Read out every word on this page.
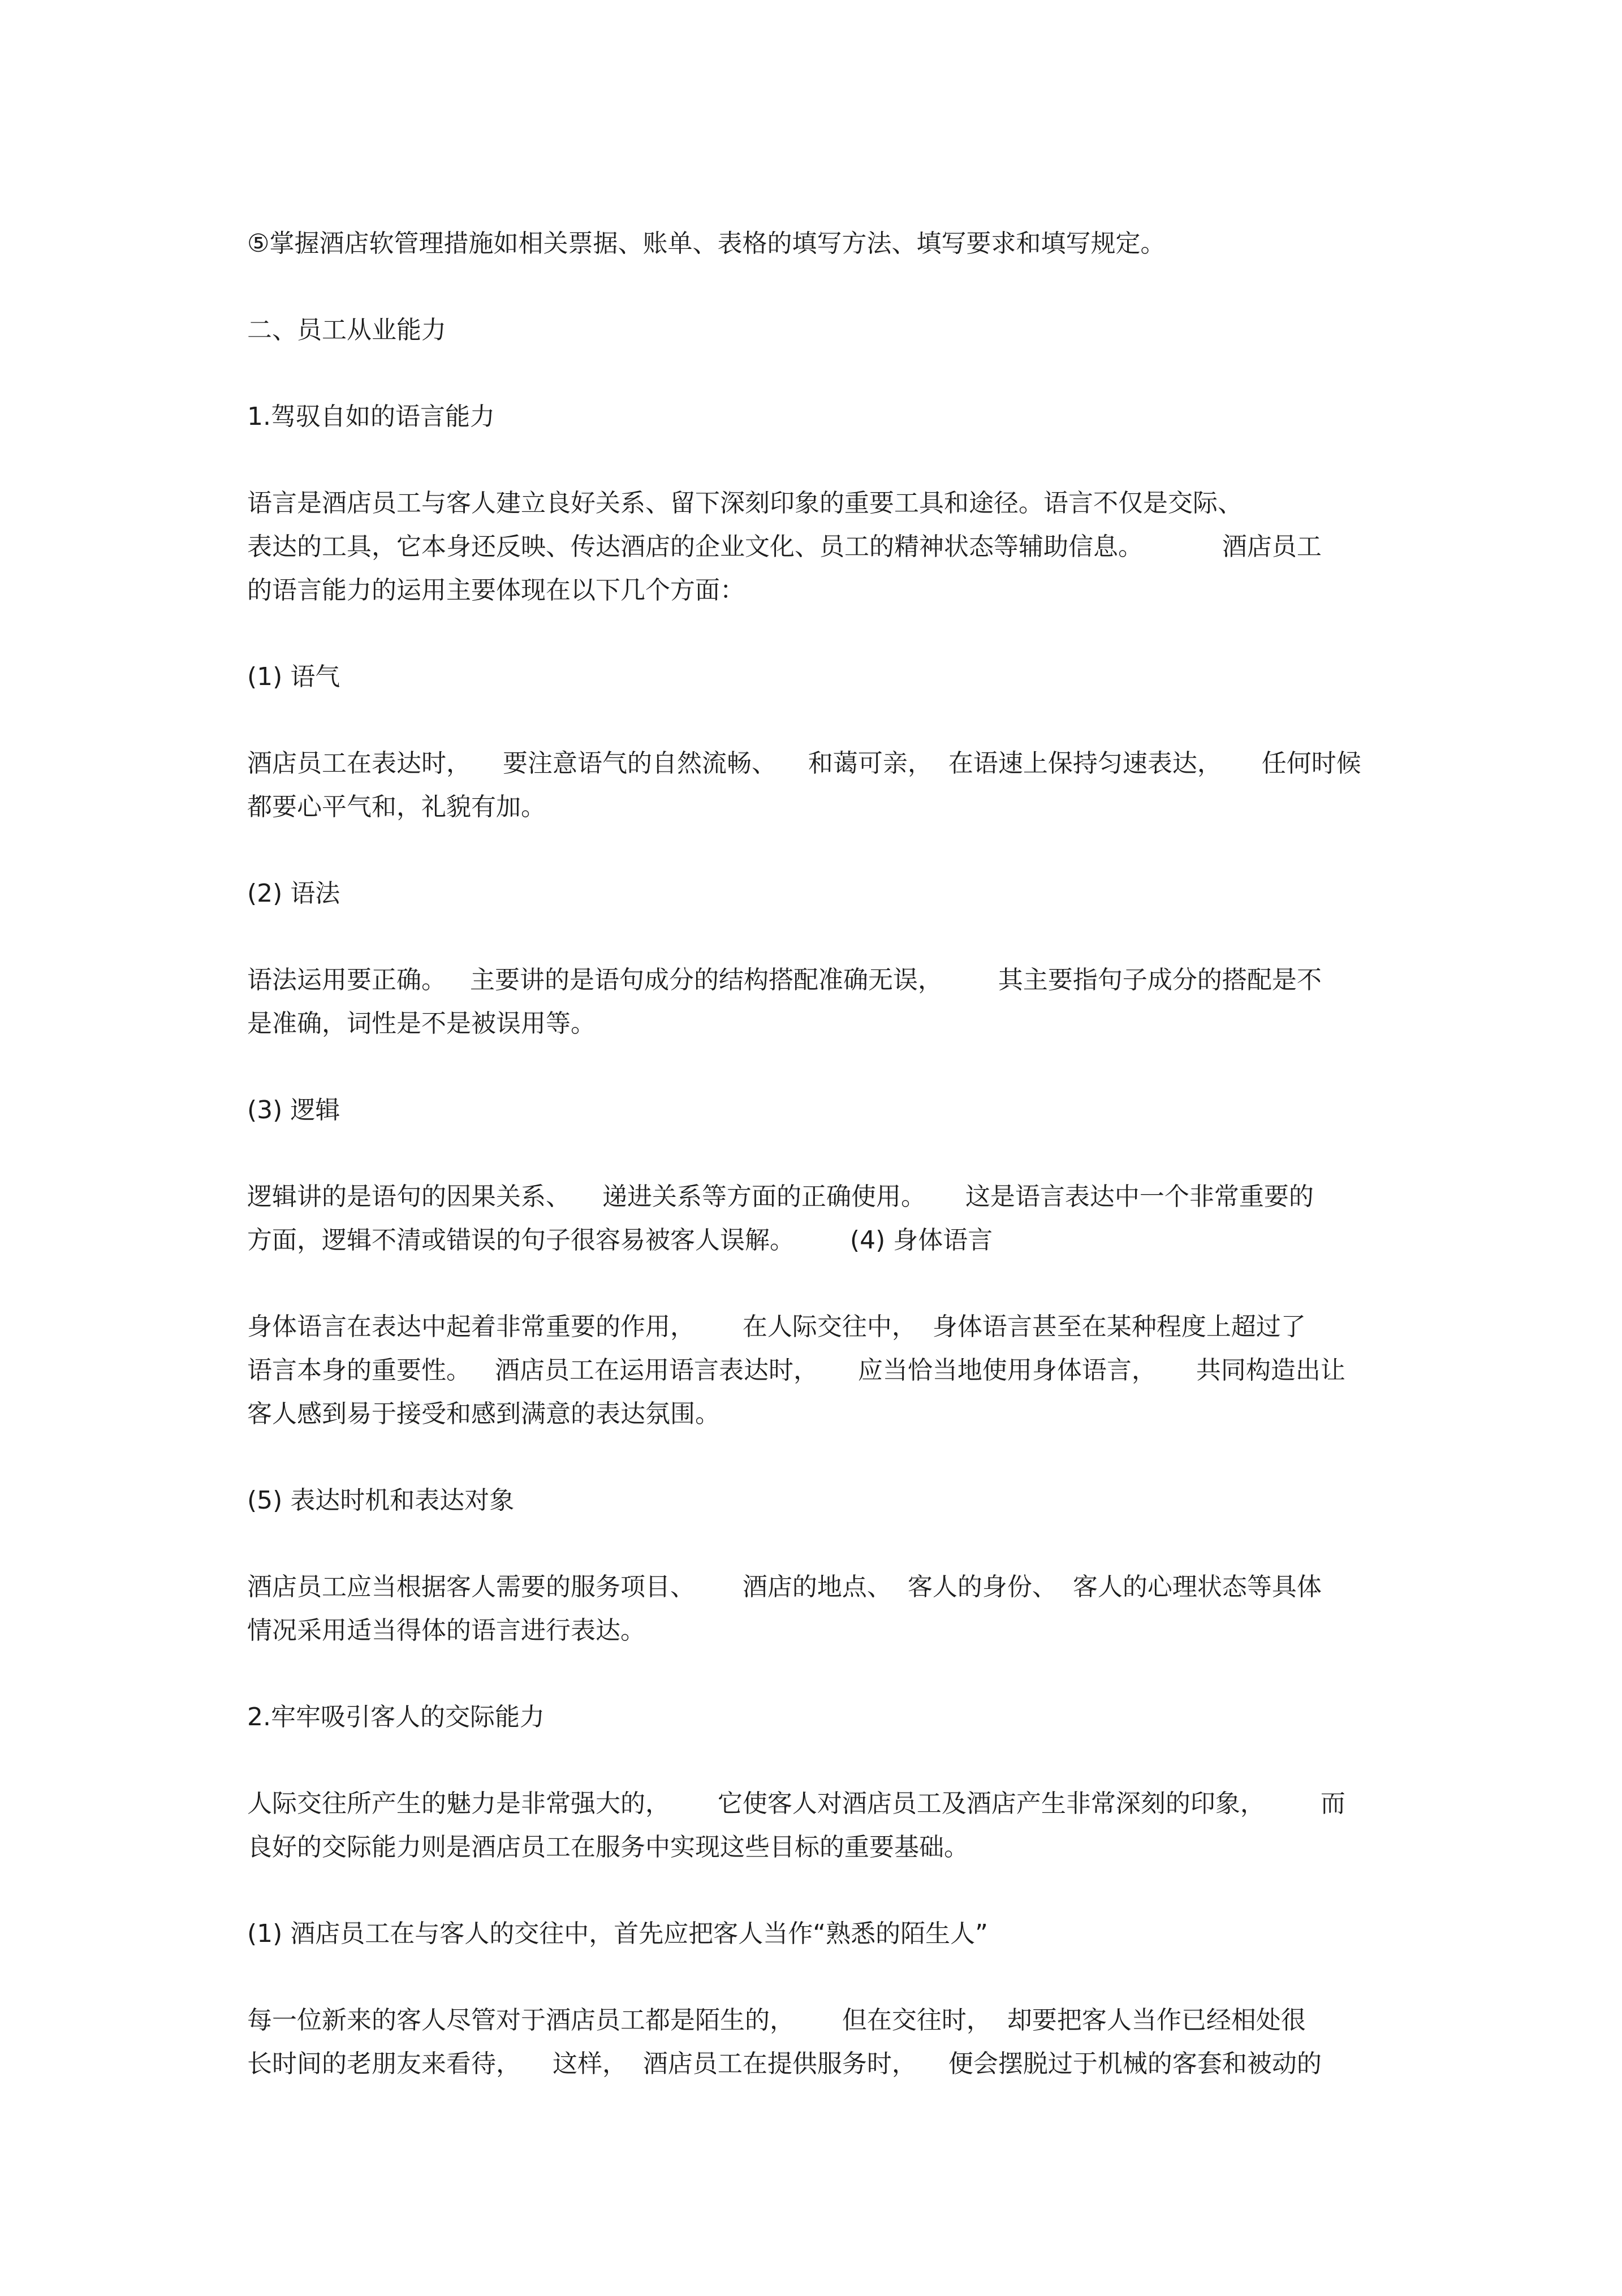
⑤掌握酒店软管理措施如相关票据、账单、表格的填写方法、填写要求和填写规定。
二、员工从业能力
1.驾驭自如的语言能力
语言是酒店员工与客人建立良好关系、留下深刻印象的重要工具和途径。语言不仅是交际、
表达的工具，它本身还反映、传达酒店的企业文化、员工的精神状态等辅助信息。          酒店员工
的语言能力的运用主要体现在以下几个方面：
(1) 语气
酒店员工在表达时，    要注意语气的自然流畅、    和蔼可亲，  在语速上保持匀速表达，     任何时候
都要心平气和，礼貌有加。
(2) 语法
语法运用要正确。   主要讲的是语句成分的结构搭配准确无误，       其主要指句子成分的搭配是不
是准确，词性是不是被误用等。
(3) 逻辑
逻辑讲的是语句的因果关系、    递进关系等方面的正确使用。     这是语言表达中一个非常重要的
方面，逻辑不清或错误的句子很容易被客人误解。       (4) 身体语言
身体语言在表达中起着非常重要的作用，      在人际交往中，  身体语言甚至在某种程度上超过了
语言本身的重要性。   酒店员工在运用语言表达时，     应当恰当地使用身体语言，     共同构造出让
客人感到易于接受和感到满意的表达氛围。
(5) 表达时机和表达对象
酒店员工应当根据客人需要的服务项目、      酒店的地点、  客人的身份、  客人的心理状态等具体
情况采用适当得体的语言进行表达。
2.牢牢吸引客人的交际能力
人际交往所产生的魅力是非常强大的，      它使客人对酒店员工及酒店产生非常深刻的印象，       而
良好的交际能力则是酒店员工在服务中实现这些目标的重要基础。
(1) 酒店员工在与客人的交往中，首先应把客人当作“熟悉的陌生人”
每一位新来的客人尽管对于酒店员工都是陌生的，      但在交往时，  却要把客人当作已经相处很
长时间的老朋友来看待，    这样，  酒店员工在提供服务时，    便会摆脱过于机械的客套和被动的
